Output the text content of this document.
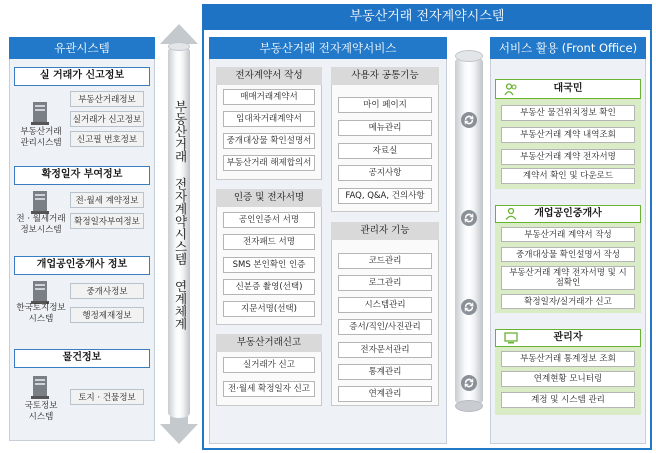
유관시스템
실 거래가 신고정보
부동산거래
관리시스템
부동산거래정보
실거래가 신고정보
신고필 번호정보
확정일자 부여정보
전 · 월세거래
정보시스템
전·월세 계약정보
확정일자부여정보
개업공인중개사 정보
한국토지정보
시스템
중개사정보
행정제재정보
물건정보
국토정보
시스템
토지 · 건물정보
부동산거래 전자계약시스템 연계체계
부동산거래 전자계약시스템
부동산거래 전자계약서비스
전자계약서 작성
매매거래계약서
임대차거래계약서
중개대상물 확인설명서
부동산거래 해제합의서
인증 및 전자서명
공인인증서 서명
전자패드 서명
SMS 본인확인 인증
신분증 촬영(선택)
지문서명(선택)
부동산거래신고
실거래가 신고
전·월세 확정일자 신고
사용자 공통기능
마이 페이지
메뉴관리
자료실
공지사항
FAQ, Q&A, 건의사항
관리자 기능
코드관리
로그관리
시스템관리
증서/직인/사진관리
전자문서관리
통계관리
연계관리
서비스 활용 (Front Office)
대국민
부동산 물건위치정보 확인
부동산거래 계약 내역조회
부동산거래 계약 전자서명
계약서 확인 및 다운로드
개업공인중개사
부동산거래 계약서 작성
중개대상물 확인설명서 작성
부동산거래 계약 전자서명 및 시점확인
확정일자/실거래가 신고
관리자
부동산거래 통계정보 조회
연계현황 모니터링
계정 및 시스템 관리
